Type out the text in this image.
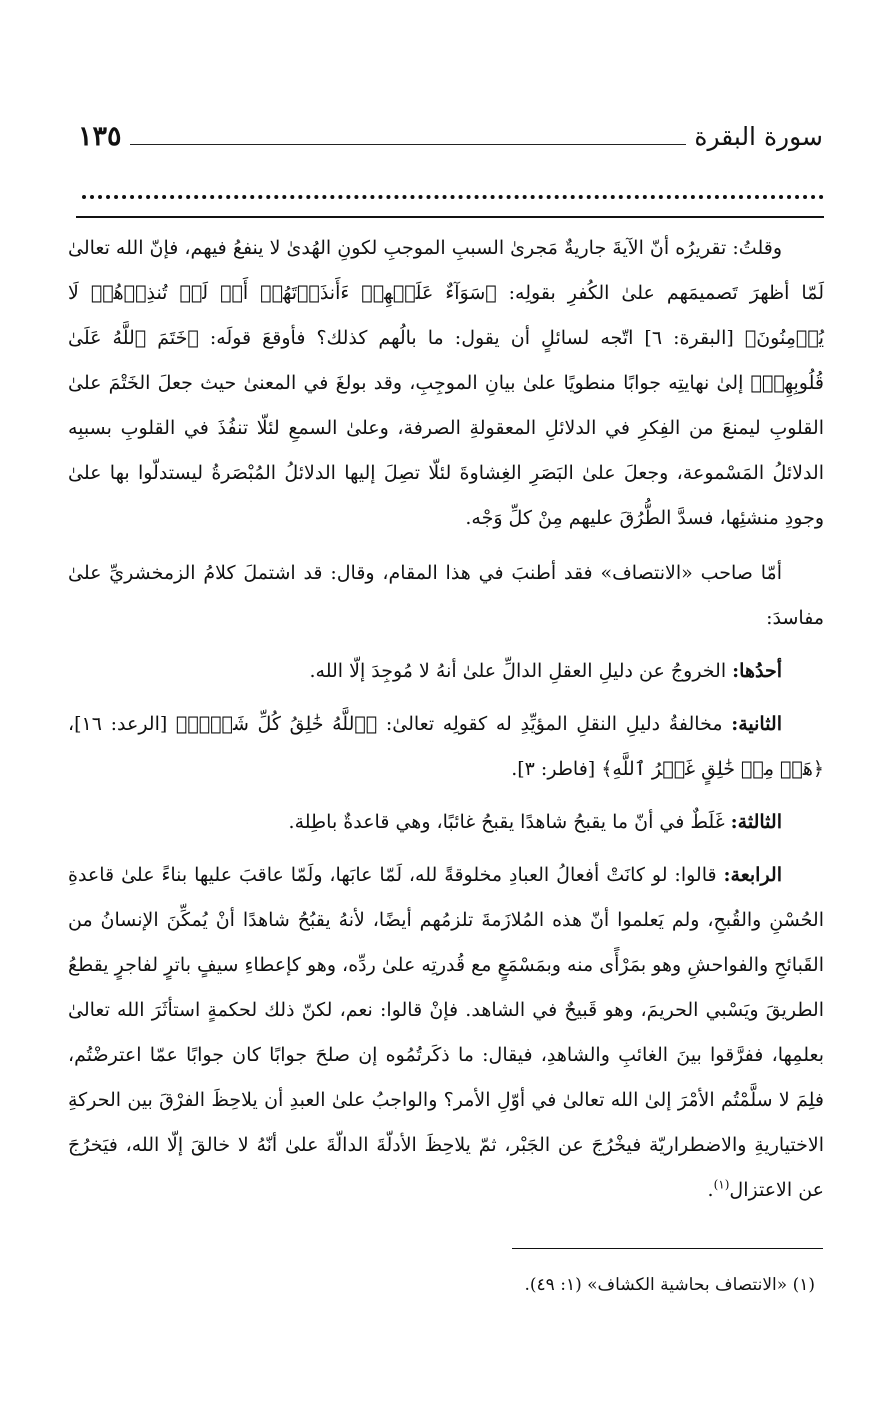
سورة البقرة
١٣٥

وقلتُ: تقريرُه أنّ الآيةَ جاريةٌ مَجرىٰ السببِ الموجبِ لكونِ الهُدىٰ لا ينفعُ فيهم، فإنّ الله تعالىٰ لَمّا أظهرَ تَصميمَهم علىٰ الكُفرِ بقولِه: ﴿سَوَآءٌ عَلَيۡهِمۡ ءَأَنذَرۡتَهُمۡ أَمۡ لَمۡ تُنذِرۡهُمۡ لَا يُؤۡمِنُونَ﴾ [البقرة: ٦] اتّجه لسائلٍ أن يقول: ما بالُهم كذلك؟ فأوقعَ قولَه: ﴿خَتَمَ ٱللَّهُ عَلَىٰ قُلُوبِهِمۡ﴾ إلىٰ نهايتِه جوابًا منطويًا علىٰ بيانِ الموجِبِ، وقد بولغَ في المعنىٰ حيث جعلَ الخَتْمَ علىٰ القلوبِ ليمنعَ من الفِكرِ في الدلائلِ المعقولةِ الصرفة، وعلىٰ السمعِ لئلّا تنفُذَ في القلوبِ بسببِه الدلائلُ المَسْموعة، وجعلَ علىٰ البَصَرِ الغِشاوةَ لئلّا تصِلَ إليها الدلائلُ المُبْصَرةُ ليستدلّوا بها علىٰ وجودِ منشئِها، فسدَّ الطُّرُقَ عليهم مِنْ كلِّ وَجْه.

أمّا صاحب «الانتصاف» فقد أطنبَ في هذا المقام، وقال: قد اشتملَ كلامُ الزمخشريِّ علىٰ مفاسدَ:

أحدُها: الخروجُ عن دليلِ العقلِ الدالِّ علىٰ أنهُ لا مُوجِدَ إلّا الله.

الثانية: مخالفةُ دليلِ النقلِ المؤيِّدِ له كقولِه تعالىٰ: ﴿ٱللَّهُ خَٰلِقُ كُلِّ شَيۡءٖ﴾ [الرعد: ١٦]، ﴿هَلۡ مِنۡ خَٰلِقٍ غَيۡرُ ٱللَّهِ﴾ [فاطر: ٣].

الثالثة: غَلَطٌ في أنّ ما يقبحُ شاهدًا يقبحُ غائبًا، وهي قاعدةٌ باطِلة.

الرابعة: قالوا: لو كانَتْ أفعالُ العبادِ مخلوقةً لله، لَمّا عابَها، ولَمّا عاقبَ عليها بناءً علىٰ قاعدةِ الحُسْنِ والقُبحِ، ولم يَعلموا أنّ هذه المُلازَمةَ تلزمُهم أيضًا، لأنهُ يقبُحُ شاهدًا أنْ يُمكِّنَ الإنسانُ من القَبائحِ والفواحشِ وهو بمَرْأًى منه وبمَسْمَعٍ مع قُدرتِه علىٰ ردِّه، وهو كإعطاءِ سيفٍ باترٍ لفاجرٍ يقطعُ الطريقَ ويَسْبي الحريمَ، وهو قَبيحٌ في الشاهد. فإنْ قالوا: نعم، لكنّ ذلك لحكمةٍ استأثَرَ الله تعالىٰ بعلمِها، ففرَّقوا بينَ الغائبِ والشاهدِ، فيقال: ما ذكَرتُمُوه إن صلحَ جوابًا كان جوابًا عمّا اعترضْتُم، فلِمَ لا سلَّمْتُم الأمْرَ إلىٰ الله تعالىٰ في أوّلِ الأمر؟ والواجبُ علىٰ العبدِ أن يلاحِظَ الفرْقَ بين الحركةِ الاختياريةِ والاضطراريّة فيخْرُجَ عن الجَبْر، ثمّ يلاحِظَ الأدلّةَ الدالّةَ علىٰ أنّهُ لا خالقَ إلّا الله، فيَخرُجَ عن الاعتزال$^{(١)}$.

(١) «الانتصاف بحاشية الكشاف» (١: ٤٩).
